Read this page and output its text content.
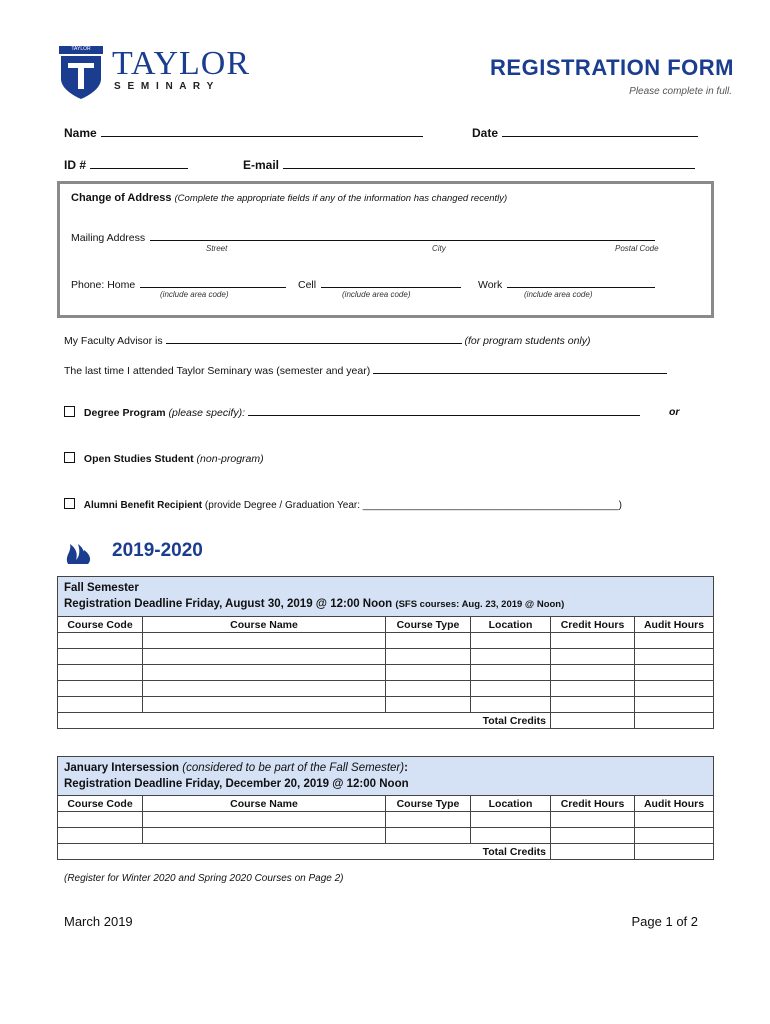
TAYLOR TAYLOR
S E M I N A R Y
REGISTRATION FORM
Please complete in full.
Name	Date
ID #	E-mail
Change of Address (Complete the appropriate fields if any of the information has changed recently)
Mailing Address
Street	City	Postal Code
Phone: Home	Cell	Work
(include area code)	(include area code)	(include area code)
My Faculty Advisor is	(for program students only)
The last time I attended Taylor Seminary was (semester and year)
Degree Program (please specify):	or
Open Studies Student (non-program)
Alumni Benefit Recipient (provide Degree / Graduation Year: ______________________________________________)
2019-2020
Fall Semester
Registration Deadline Friday, August 30, 2019 @ 12:00 Noon (SFS courses: Aug. 23, 2019 @ Noon)
Course Code	Course Name	Course Type	Location	Credit Hours	Audit Hours

Total Credits					
January Intersession (considered to be part of the Fall Semester):
Registration Deadline Friday, December 20, 2019 @ 12:00 Noon
Course Code	Course Name	Course Type	Location	Credit Hours	Audit Hours

Total Credits					
(Register for Winter 2020 and Spring 2020 Courses on Page 2)
March 2019	Page 1 of 2
